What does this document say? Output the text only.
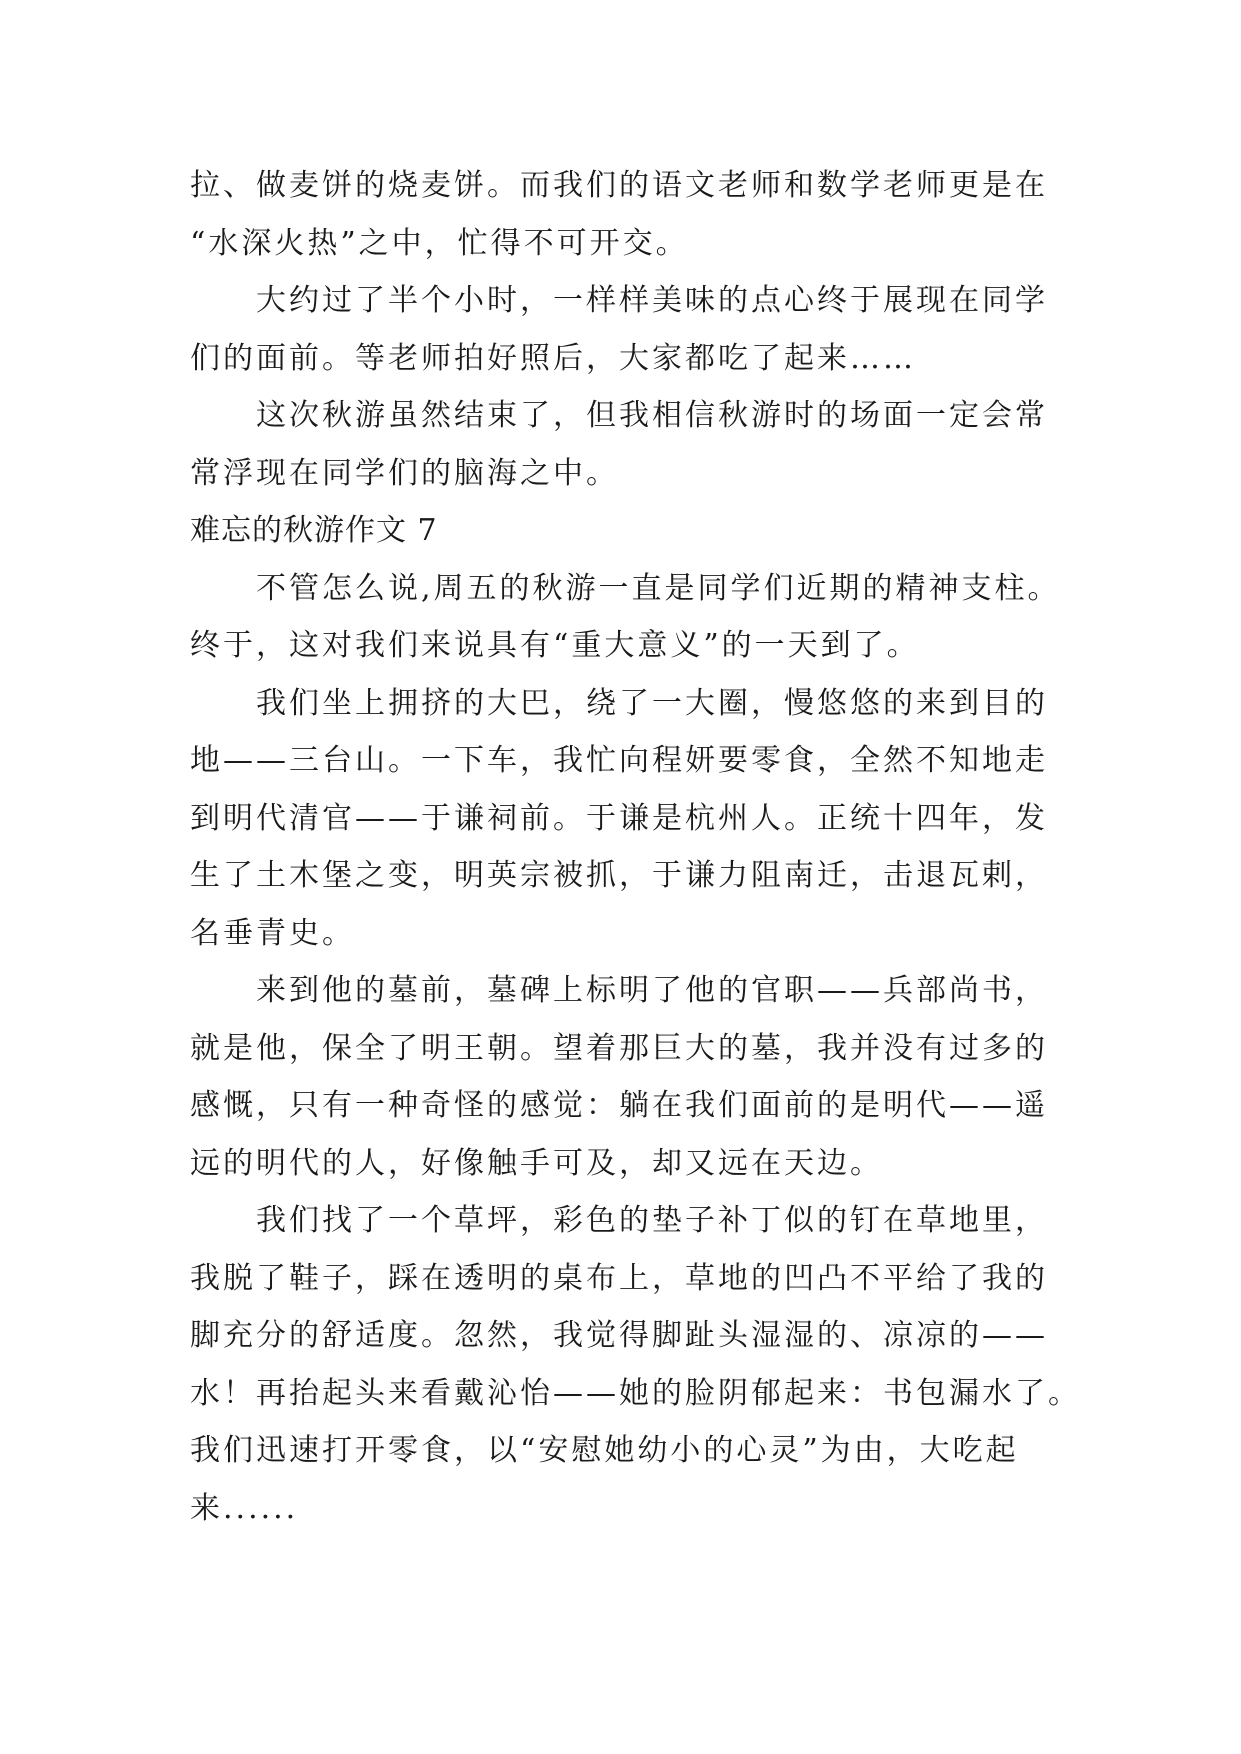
拉、做麦饼的烧麦饼。而我们的语文老师和数学老师更是在
“水深火热”之中，忙得不可开交。
大约过了半个小时，一样样美味的点心终于展现在同学
们的面前。等老师拍好照后，大家都吃了起来……
这次秋游虽然结束了，但我相信秋游时的场面一定会常
常浮现在同学们的脑海之中。
难忘的秋游作文 7
不管怎么说,周五的秋游一直是同学们近期的精神支柱。
终于，这对我们来说具有“重大意义”的一天到了。
我们坐上拥挤的大巴，绕了一大圈，慢悠悠的来到目的
地——三台山。一下车，我忙向程妍要零食，全然不知地走
到明代清官——于谦祠前。于谦是杭州人。正统十四年，发
生了土木堡之变，明英宗被抓，于谦力阻南迁，击退瓦剌，
名垂青史。
来到他的墓前，墓碑上标明了他的官职——兵部尚书，
就是他，保全了明王朝。望着那巨大的墓，我并没有过多的
感慨，只有一种奇怪的感觉：躺在我们面前的是明代——遥
远的明代的人，好像触手可及，却又远在天边。
我们找了一个草坪，彩色的垫子补丁似的钉在草地里，
我脱了鞋子，踩在透明的桌布上，草地的凹凸不平给了我的
脚充分的舒适度。忽然，我觉得脚趾头湿湿的、凉凉的——
水！再抬起头来看戴沁怡——她的脸阴郁起来：书包漏水了。
我们迅速打开零食，以“安慰她幼小的心灵”为由，大吃起
来......
